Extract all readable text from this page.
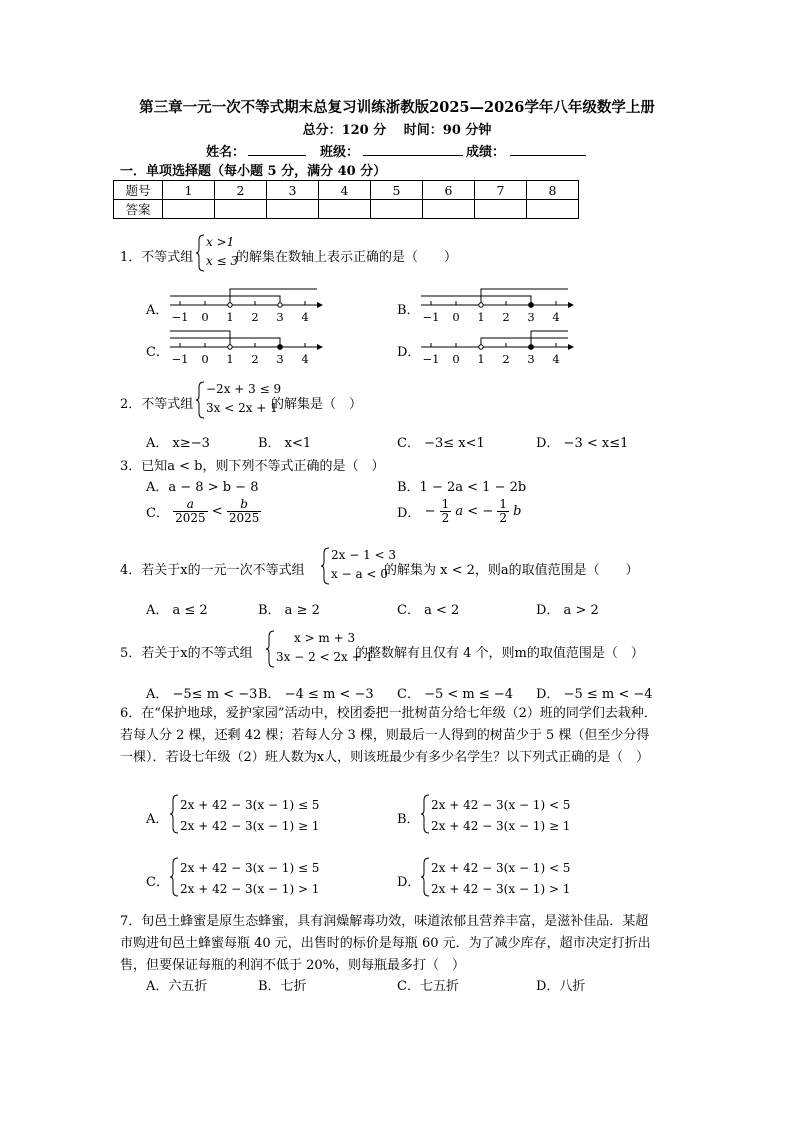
第三章一元一次不等式期末总复习训练浙教版2025—2026学年八年级数学上册
总分：120 分　 时间：90 分钟
姓名：	班级：	成绩：
一．单项选择题（每小题 5 分，满分 40 分）
题号	1	2	3	4	5	6	7	8
答案								
1．不等式组
x >1
x ≤ 3
的解集在数轴上表示正确的是（　　）
A．	B．
C．	D．
−1 0 1 2 3 4	−1 0 1 2 3 4
−1 0 1 2 3 4	−1 0 1 2 3 4
2．不等式组
−2x + 3 ≤ 9
3x < 2x + 1
的解集是（　）
A． x≥−3	B． x<1	C． −3≤ x<1	D． −3 < x≤1
3．已知a < b，则下列不等式正确的是（　）
A．a − 8 > b − 8	B．1 − 2a < 1 − 2b
C． $\frac{a}{2025} < \frac{b}{2025}$	D． − $\frac{1}{2}$ a < − $\frac{1}{2}$ b
4．若关于x的一元一次不等式组
2x − 1 < 3
x − a < 0
的解集为 x < 2，则a的取值范围是（　　）
A． a ≤ 2	B． a ≥ 2	C． a < 2	D． a > 2
5．若关于x的不等式组
x > m + 3
3x − 2 < 2x + 1
的整数解有且仅有 4 个，则m的取值范围是（　）
A． −5≤ m < −3 B． −4 ≤ m < −3 C． −5 < m ≤ −4 D． −5 ≤ m < −4
6．在“保护地球，爱护家园”活动中，校团委把一批树苗分给七年级（2）班的同学们去栽种．若每人分 2 棵，还剩 42 棵；若每人分 3 棵，则最后一人得到的树苗少于 5 棵（但至少分得一棵）．若设七年级（2）班人数为x人，则该班最少有多少名学生？以下列式正确的是（　）
A．
2x + 42 − 3(x − 1) ≤ 5
2x + 42 − 3(x − 1) ≥ 1	B．
2x + 42 − 3(x − 1) < 5
2x + 42 − 3(x − 1) ≥ 1
C．
2x + 42 − 3(x − 1) ≤ 5
2x + 42 − 3(x − 1) > 1	D．
2x + 42 − 3(x − 1) < 5
2x + 42 − 3(x − 1) > 1
7．旬邑土蜂蜜是原生态蜂蜜，具有润燥解毒功效，味道浓郁且营养丰富，是滋补佳品．某超市购进旬邑土蜂蜜每瓶 40 元，出售时的标价是每瓶 60 元．为了减少库存，超市决定打折出售，但要保证每瓶的利润不低于 20%，则每瓶最多打（　）
A．六五折	B．七折	C．七五折	D．八折
